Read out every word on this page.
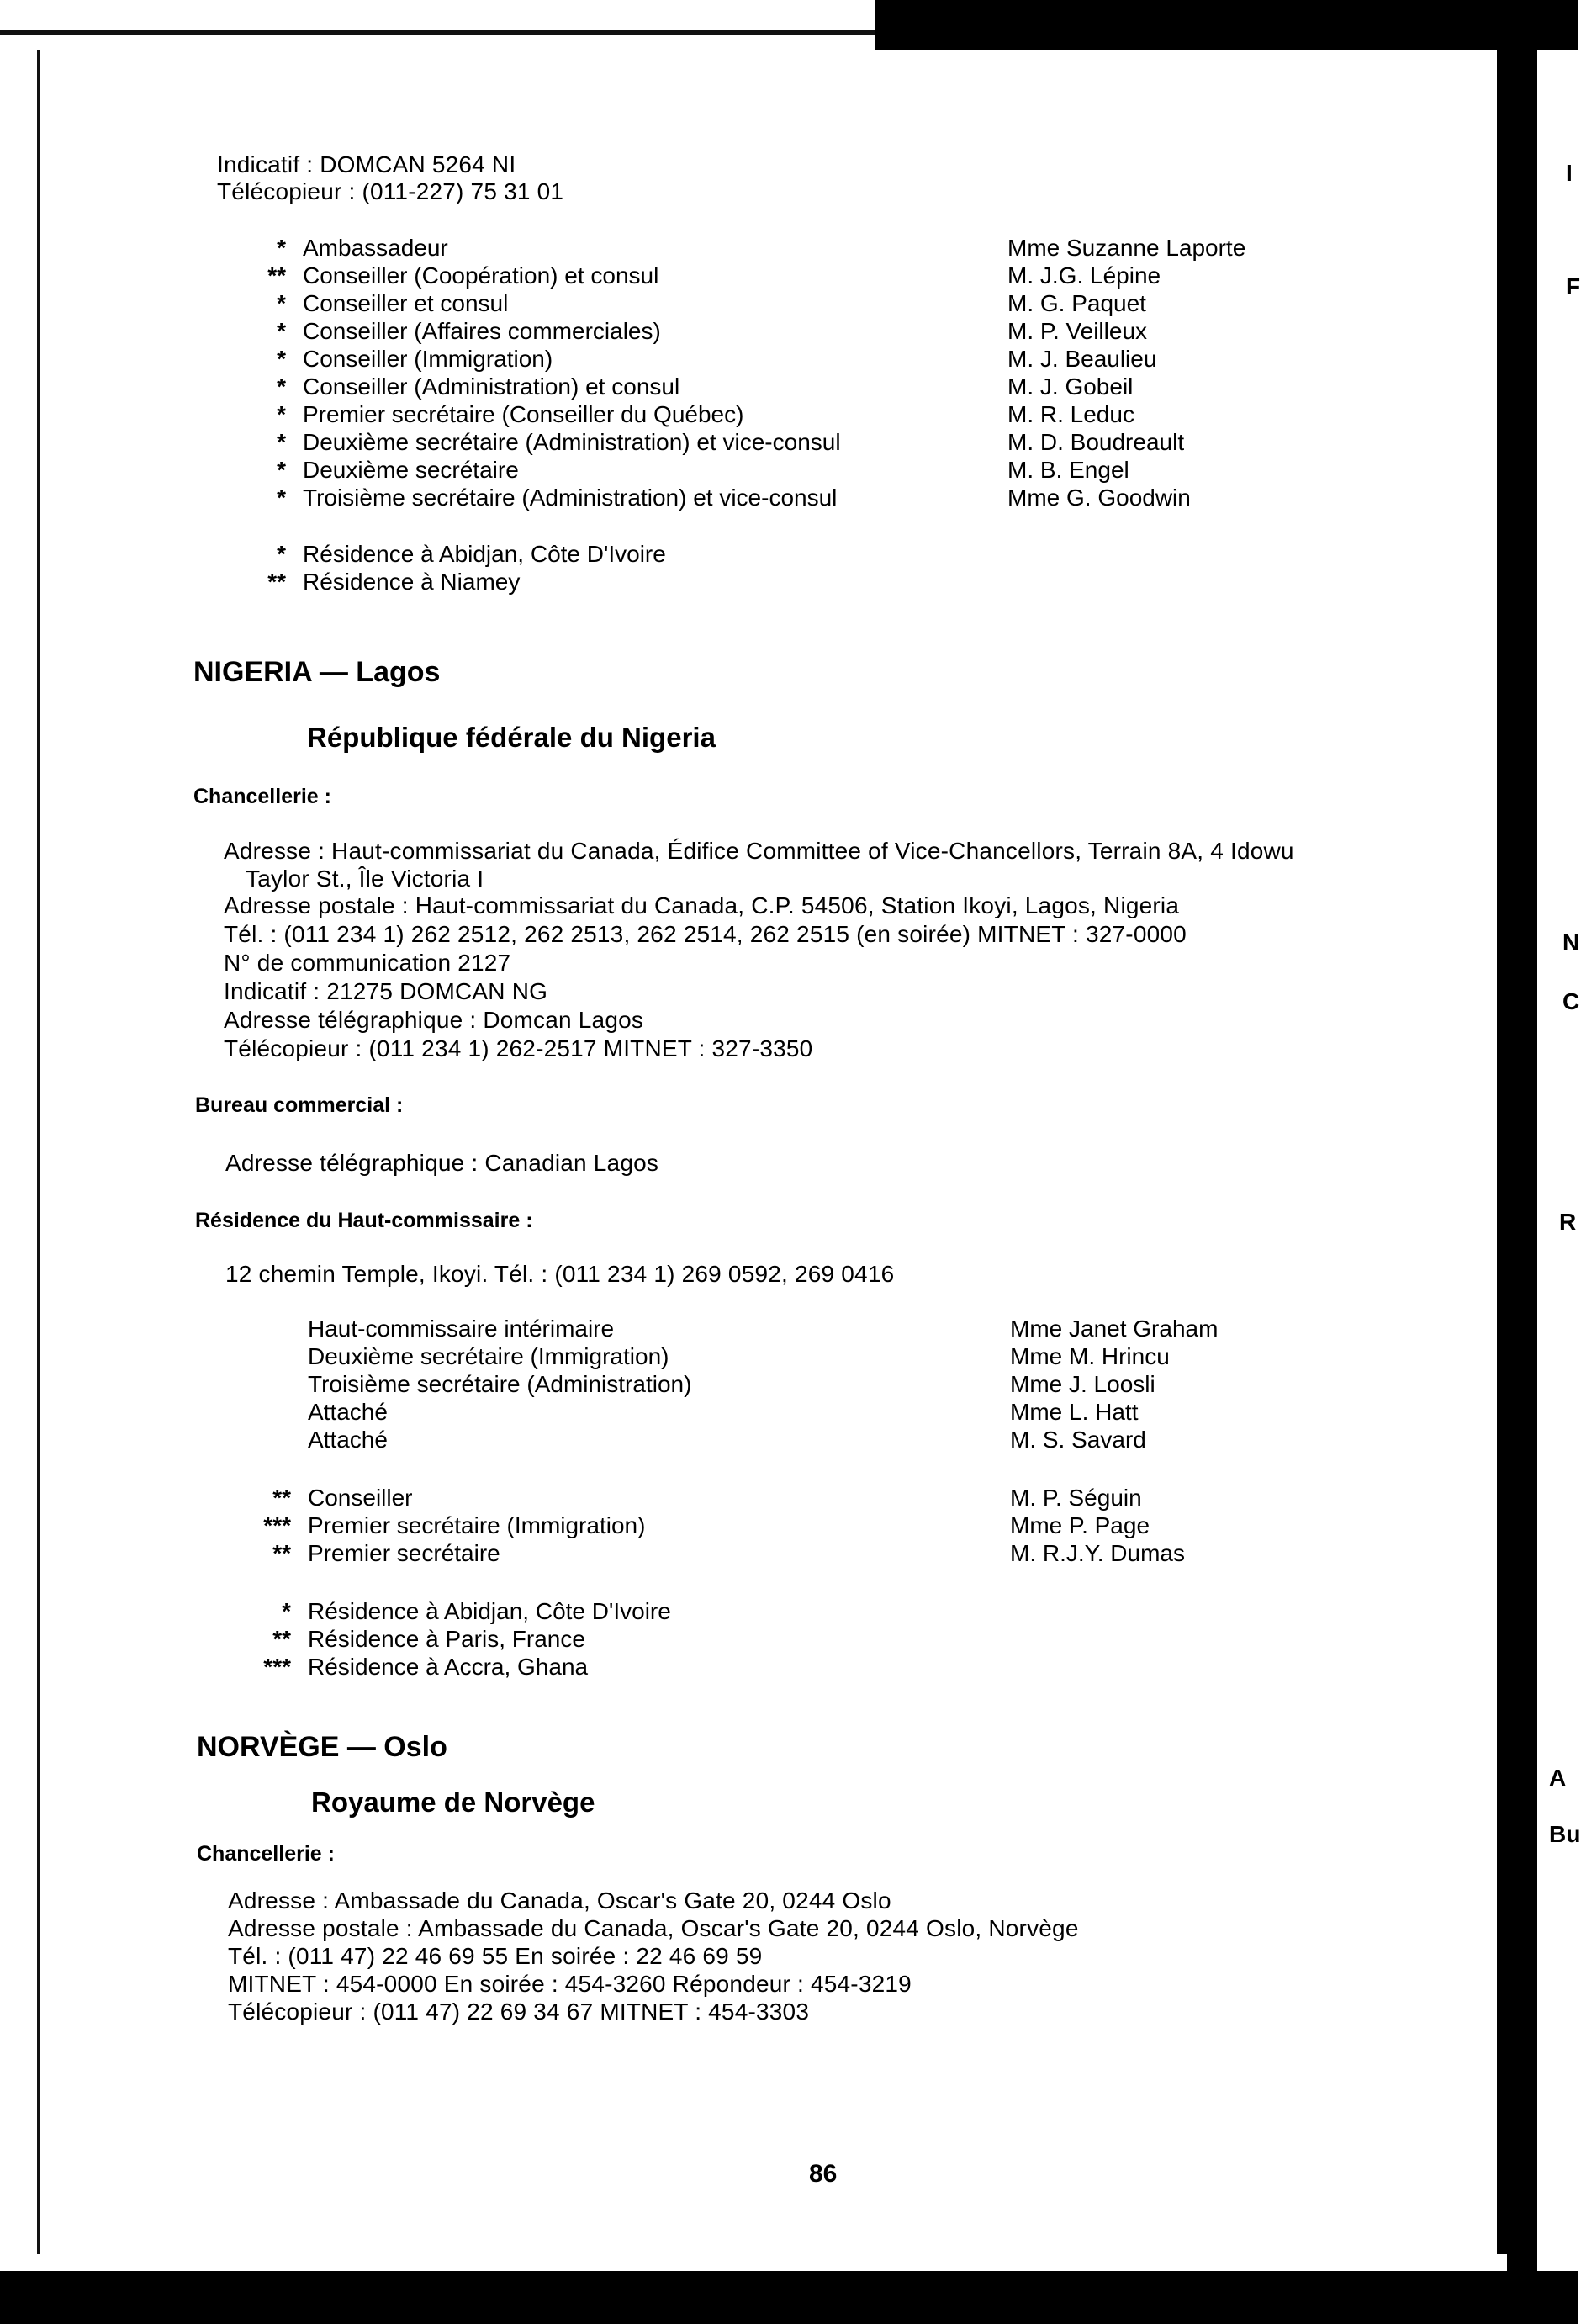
I
F
N
C
R
A
Bu
Indicatif : DOMCAN 5264 NI
Télécopieur : (011-227) 75 31 01
* Ambassadeur	Mme Suzanne Laporte
** Conseiller (Coopération) et consul	M. J.G. Lépine
* Conseiller et consul	M. G. Paquet
* Conseiller (Affaires commerciales)	M. P. Veilleux
* Conseiller (Immigration)	M. J. Beaulieu
* Conseiller (Administration) et consul	M. J. Gobeil
* Premier secrétaire (Conseiller du Québec)	M. R. Leduc
* Deuxième secrétaire (Administration) et vice-consul	M. D. Boudreault
* Deuxième secrétaire	M. B. Engel
* Troisième secrétaire (Administration) et vice-consul	Mme G. Goodwin
* Résidence à Abidjan, Côte D'Ivoire
** Résidence à Niamey
NIGERIA — Lagos
République fédérale du Nigeria
Chancellerie :
Adresse : Haut-commissariat du Canada, Édifice Committee of Vice-Chancellors, Terrain 8A, 4 Idowu
Taylor St., Île Victoria I
Adresse postale : Haut-commissariat du Canada, C.P. 54506, Station Ikoyi, Lagos, Nigeria
Tél. : (011 234 1) 262 2512, 262 2513, 262 2514, 262 2515 (en soirée) MITNET : 327-0000
N° de communication 2127
Indicatif : 21275 DOMCAN NG
Adresse télégraphique : Domcan Lagos
Télécopieur : (011 234 1) 262-2517 MITNET : 327-3350
Bureau commercial :
Adresse télégraphique : Canadian Lagos
Résidence du Haut-commissaire :
12 chemin Temple, Ikoyi. Tél. : (011 234 1) 269 0592, 269 0416
Haut-commissaire intérimaire	Mme Janet Graham
Deuxième secrétaire (Immigration)	Mme M. Hrincu
Troisième secrétaire (Administration)	Mme J. Loosli
Attaché	Mme L. Hatt
Attaché	M. S. Savard
** Conseiller	M. P. Séguin
*** Premier secrétaire (Immigration)	Mme P. Page
** Premier secrétaire	M. R.J.Y. Dumas
* Résidence à Abidjan, Côte D'Ivoire
** Résidence à Paris, France
*** Résidence à Accra, Ghana
NORVÈGE — Oslo
Royaume de Norvège
Chancellerie :
Adresse : Ambassade du Canada, Oscar's Gate 20, 0244 Oslo
Adresse postale : Ambassade du Canada, Oscar's Gate 20, 0244 Oslo, Norvège
Tél. : (011 47) 22 46 69 55 En soirée : 22 46 69 59
MITNET : 454-0000 En soirée : 454-3260 Répondeur : 454-3219
Télécopieur : (011 47) 22 69 34 67 MITNET : 454-3303
86
